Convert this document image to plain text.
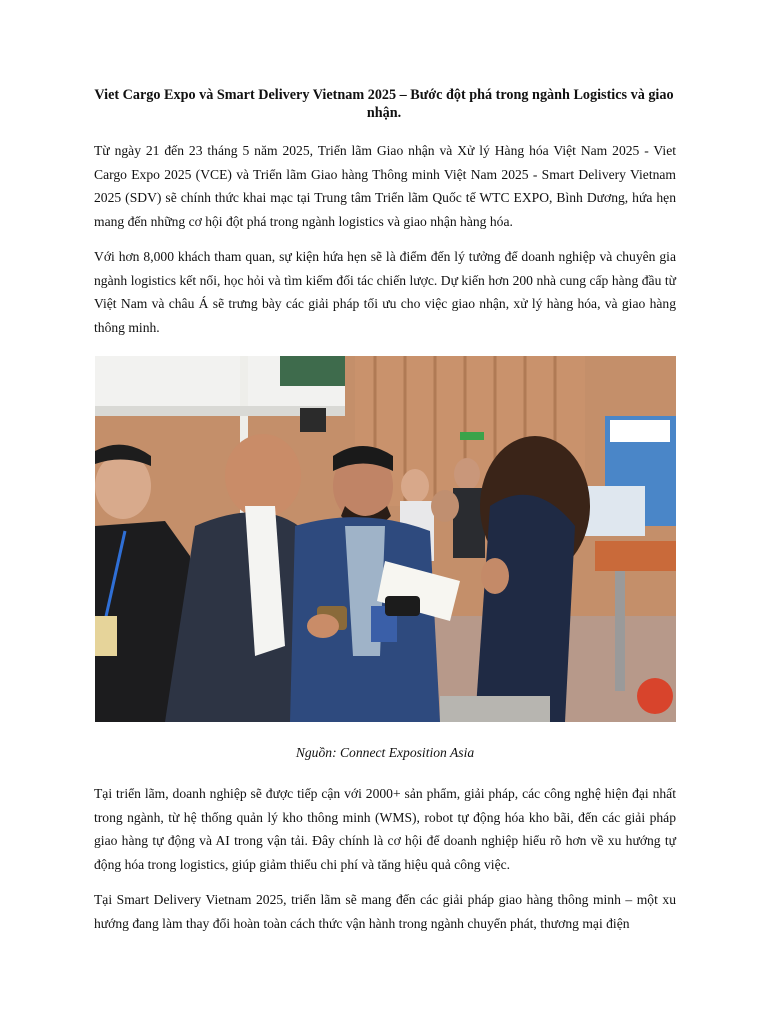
Viet Cargo Expo và Smart Delivery Vietnam 2025 – Bước đột phá trong ngành Logistics và giao nhận.

Từ ngày 21 đến 23 tháng 5 năm 2025, Triển lãm Giao nhận và Xử lý Hàng hóa Việt Nam 2025 - Viet Cargo Expo 2025 (VCE) và Triển lãm Giao hàng Thông minh Việt Nam 2025 - Smart Delivery Vietnam 2025 (SDV) sẽ chính thức khai mạc tại Trung tâm Triển lãm Quốc tế WTC EXPO, Bình Dương, hứa hẹn mang đến những cơ hội đột phá trong ngành logistics và giao nhận hàng hóa.

Với hơn 8,000 khách tham quan, sự kiện hứa hẹn sẽ là điểm đến lý tưởng để doanh nghiệp và chuyên gia ngành logistics kết nối, học hỏi và tìm kiếm đối tác chiến lược. Dự kiến hơn 200 nhà cung cấp hàng đầu từ Việt Nam và châu Á sẽ trưng bày các giải pháp tối ưu cho việc giao nhận, xử lý hàng hóa, và giao hàng thông minh.

Nguồn: Connect Exposition Asia

Tại triển lãm, doanh nghiệp sẽ được tiếp cận với 2000+ sản phẩm, giải pháp, các công nghệ hiện đại nhất trong ngành, từ hệ thống quản lý kho thông minh (WMS), robot tự động hóa kho bãi, đến các giải pháp giao hàng tự động và AI trong vận tải. Đây chính là cơ hội để doanh nghiệp hiểu rõ hơn về xu hướng tự động hóa trong logistics, giúp giảm thiểu chi phí và tăng hiệu quả công việc.

Tại Smart Delivery Vietnam 2025, triển lãm sẽ mang đến các giải pháp giao hàng thông minh – một xu hướng đang làm thay đổi hoàn toàn cách thức vận hành trong ngành chuyển phát, thương mại điện
